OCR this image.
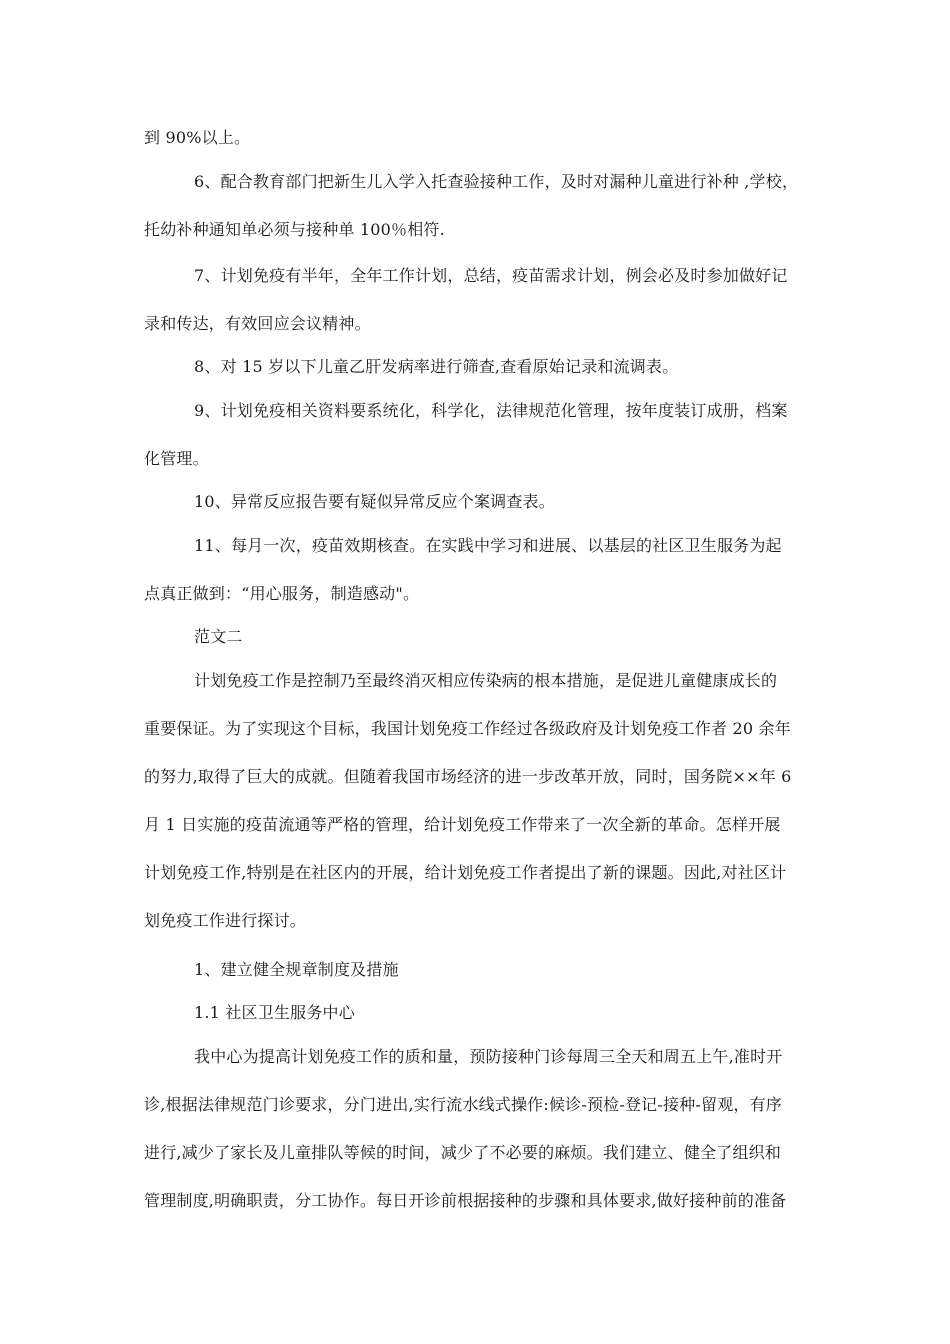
到 90%以上。
6、配合教育部门把新生儿入学入托查验接种工作，及时对漏种儿童进行补种 ,学校，
托幼补种通知单必须与接种单 100％相符.
7、计划免疫有半年，全年工作计划，总结，疫苗需求计划，例会必及时参加做好记
录和传达，有效回应会议精神。
8、对 15 岁以下儿童乙肝发病率进行筛查,查看原始记录和流调表。
9、计划免疫相关资料要系统化，科学化，法律规范化管理，按年度装订成册，档案
化管理。
10、异常反应报告要有疑似异常反应个案调查表。
11、每月一次，疫苗效期核查。在实践中学习和进展、以基层的社区卫生服务为起
点真正做到：“用心服务，制造感动"。
范文二
计划免疫工作是控制乃至最终消灭相应传染病的根本措施，是促进儿童健康成长的
重要保证。为了实现这个目标，我国计划免疫工作经过各级政府及计划免疫工作者 20 余年
的努力,取得了巨大的成就。但随着我国市场经济的进一步改革开放，同时，国务院××年 6
月 1 日实施的疫苗流通等严格的管理，给计划免疫工作带来了一次全新的革命。怎样开展
计划免疫工作,特别是在社区内的开展，给计划免疫工作者提出了新的课题。因此,对社区计
划免疫工作进行探讨。
1、建立健全规章制度及措施
1.1 社区卫生服务中心
我中心为提高计划免疫工作的质和量，预防接种门诊每周三全天和周五上午,准时开
诊,根据法律规范门诊要求，分门进出,实行流水线式操作:候诊-预检-登记-接种-留观，有序
进行,减少了家长及儿童排队等候的时间，减少了不必要的麻烦。我们建立、健全了组织和
管理制度,明确职责，分工协作。每日开诊前根据接种的步骤和具体要求,做好接种前的准备
